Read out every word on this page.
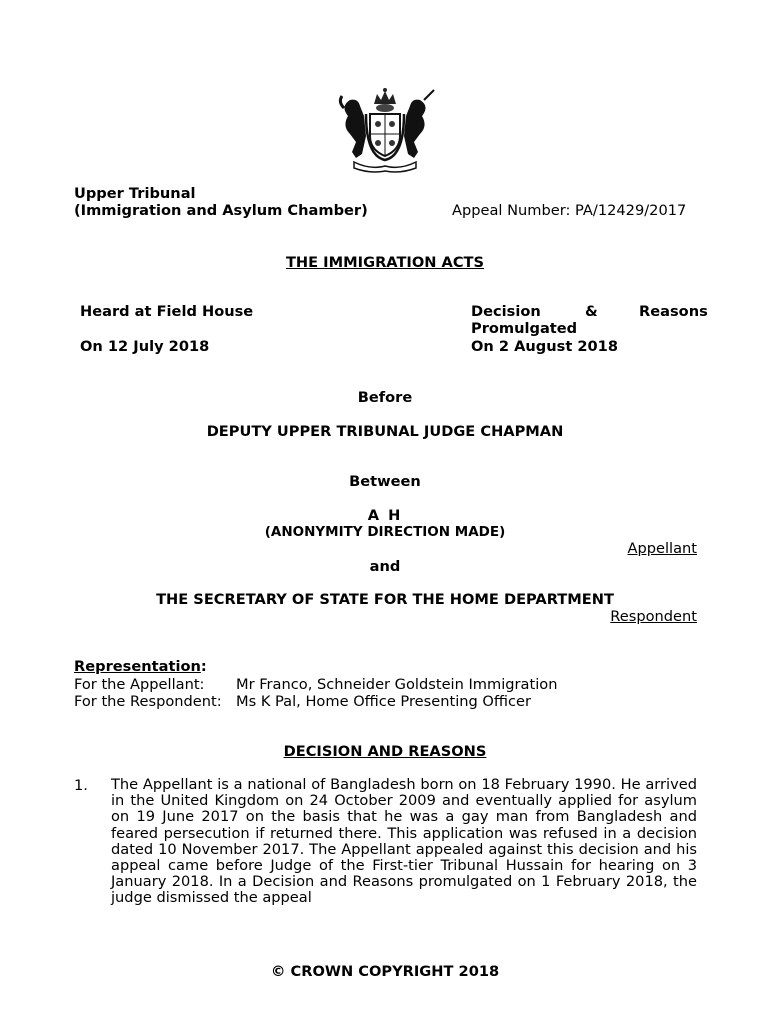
Upper Tribunal
(Immigration and Asylum Chamber)	Appeal Number: PA/12429/2017
THE IMMIGRATION ACTS
Heard at Field House
On 12 July 2018
Decision	&	Reasons
Promulgated
On 2 August 2018
Before
DEPUTY UPPER TRIBUNAL JUDGE CHAPMAN
Between
A H
(ANONYMITY DIRECTION MADE)
Appellant
and
THE SECRETARY OF STATE FOR THE HOME DEPARTMENT
Respondent
Representation:
For the Appellant: Mr Franco, Schneider Goldstein Immigration
For the Respondent: Ms K Pal, Home Office Presenting Officer
DECISION AND REASONS
1. The Appellant is a national of Bangladesh born on 18 February 1990. He arrived in the United Kingdom on 24 October 2009 and eventually applied for asylum on 19 June 2017 on the basis that he was a gay man from Bangladesh and feared persecution if returned there. This application was refused in a decision dated 10 November 2017. The Appellant appealed against this decision and his appeal came before Judge of the First-tier Tribunal Hussain for hearing on 3 January 2018. In a Decision and Reasons promulgated on 1 February 2018, the judge dismissed the appeal
© CROWN COPYRIGHT 2018
